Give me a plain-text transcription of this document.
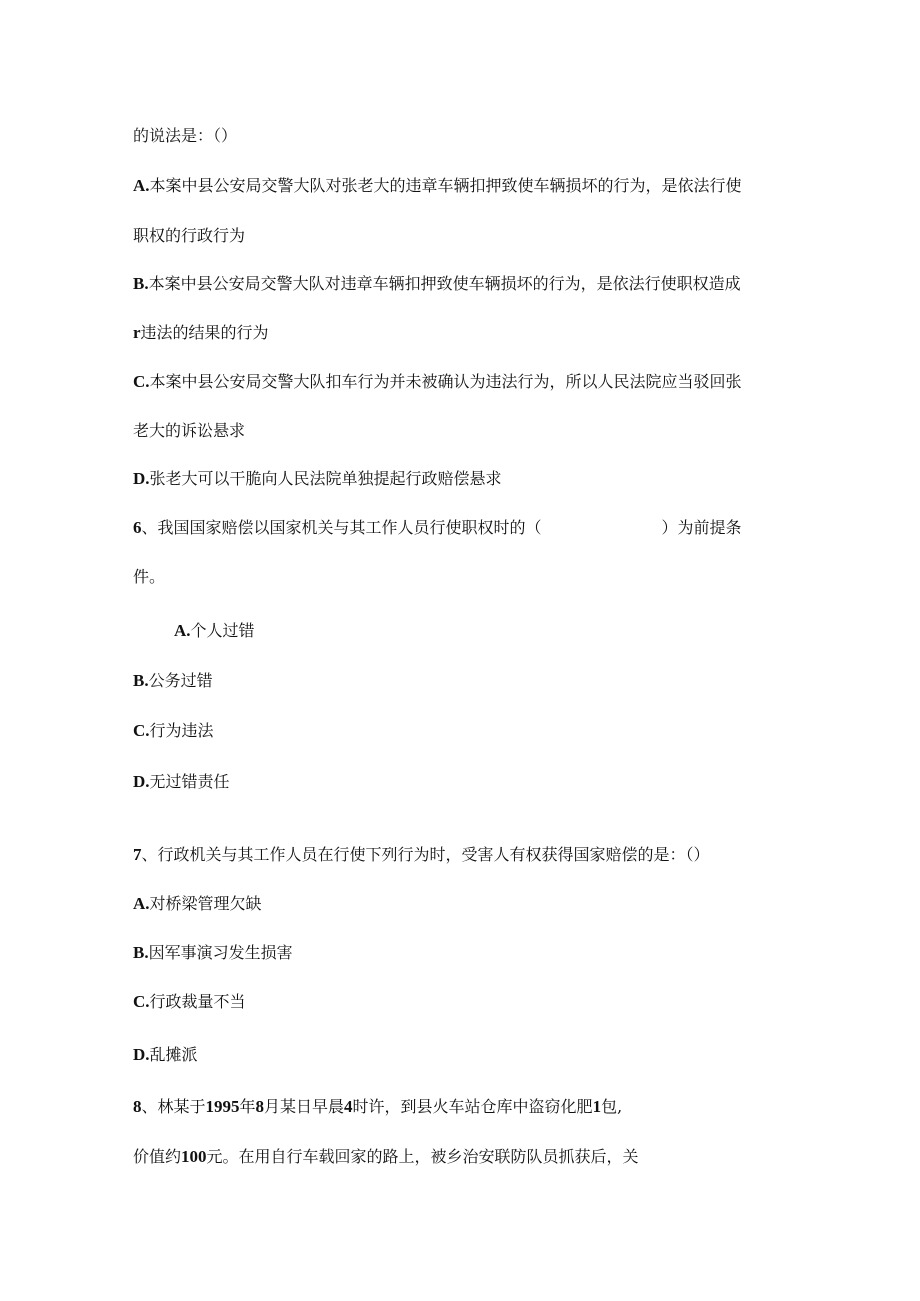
的说法是：（）
A.本案中县公安局交警大队对张老大的违章车辆扣押致使车辆损坏的行为，是依法行使
职权的行政行为
B.本案中县公安局交警大队对违章车辆扣押致使车辆损坏的行为，是依法行使职权造成
r违法的结果的行为
C.本案中县公安局交警大队扣车行为并未被确认为违法行为，所以人民法院应当驳回张
老大的诉讼悬求
D.张老大可以干脆向人民法院单独提起行政赔偿悬求
6、我国国家赔偿以国家机关与其工作人员行使职权时的（	）为前提条
件。
A.个人过错
B.公务过错
C.行为违法
D.无过错责任
7、行政机关与其工作人员在行使下列行为时，受害人有权获得国家赔偿的是：（）
A.对桥梁管理欠缺
B.因军事演习发生损害
C.行政裁量不当
D.乱摊派
8、林某于1995年8月某日早晨4时许，到县火车站仓库中盗窃化肥1包,
价值约100元。在用自行车载回家的路上，被乡治安联防队员抓获后，关
